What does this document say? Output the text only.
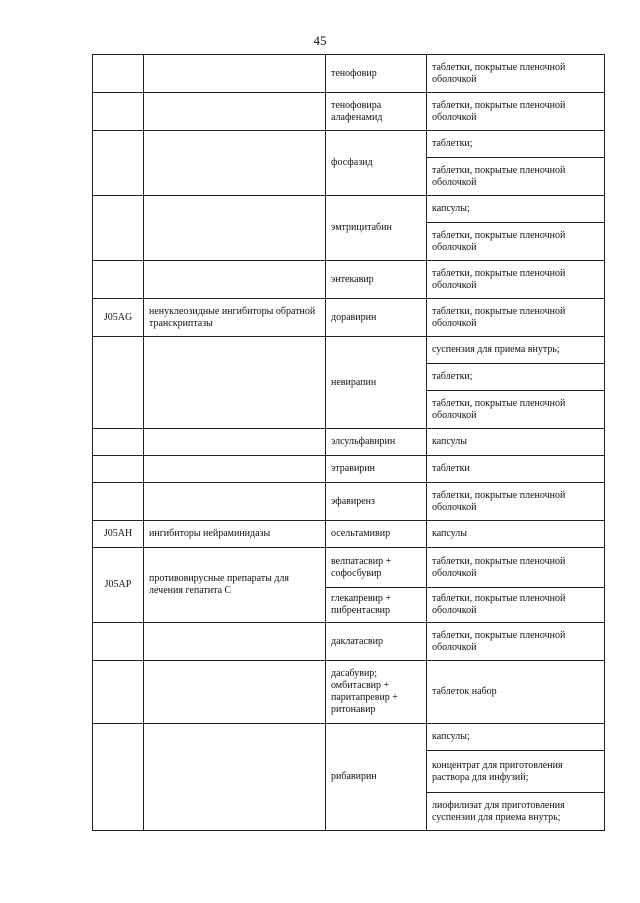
45
		тенофовир	таблетки, покрытые пленочной оболочкой
		тенофовира алафенамид	таблетки, покрытые пленочной оболочкой
		фосфазид	таблетки;
			таблетки, покрытые пленочной оболочкой
		эмтрицитабин	капсулы;
			таблетки, покрытые пленочной оболочкой
		энтекавир	таблетки, покрытые пленочной оболочкой
J05AG	ненуклеозидные ингибиторы обратной транскриптазы	доравирин	таблетки, покрытые пленочной оболочкой
		невирапин	суспензия для приема внутрь;
			таблетки;
			таблетки, покрытые пленочной оболочкой
		элсульфавирин	капсулы
		этравирин	таблетки
		эфавиренз	таблетки, покрытые пленочной оболочкой
J05AH	ингибиторы нейраминидазы	осельтамивир	капсулы
J05AP	противовирусные препараты для лечения гепатита C	велпатасвир + софосбувир	таблетки, покрытые пленочной оболочкой
		глекапревир + пибрентасвир	таблетки, покрытые пленочной оболочкой
		даклатасвир	таблетки, покрытые пленочной оболочкой
		дасабувир; омбитасвир + паритапревир + ритонавир	таблеток набор
		рибавирин	капсулы;
			концентрат для приготовления раствора для инфузий;
			лиофилизат для приготовления суспензии для приема внутрь;
